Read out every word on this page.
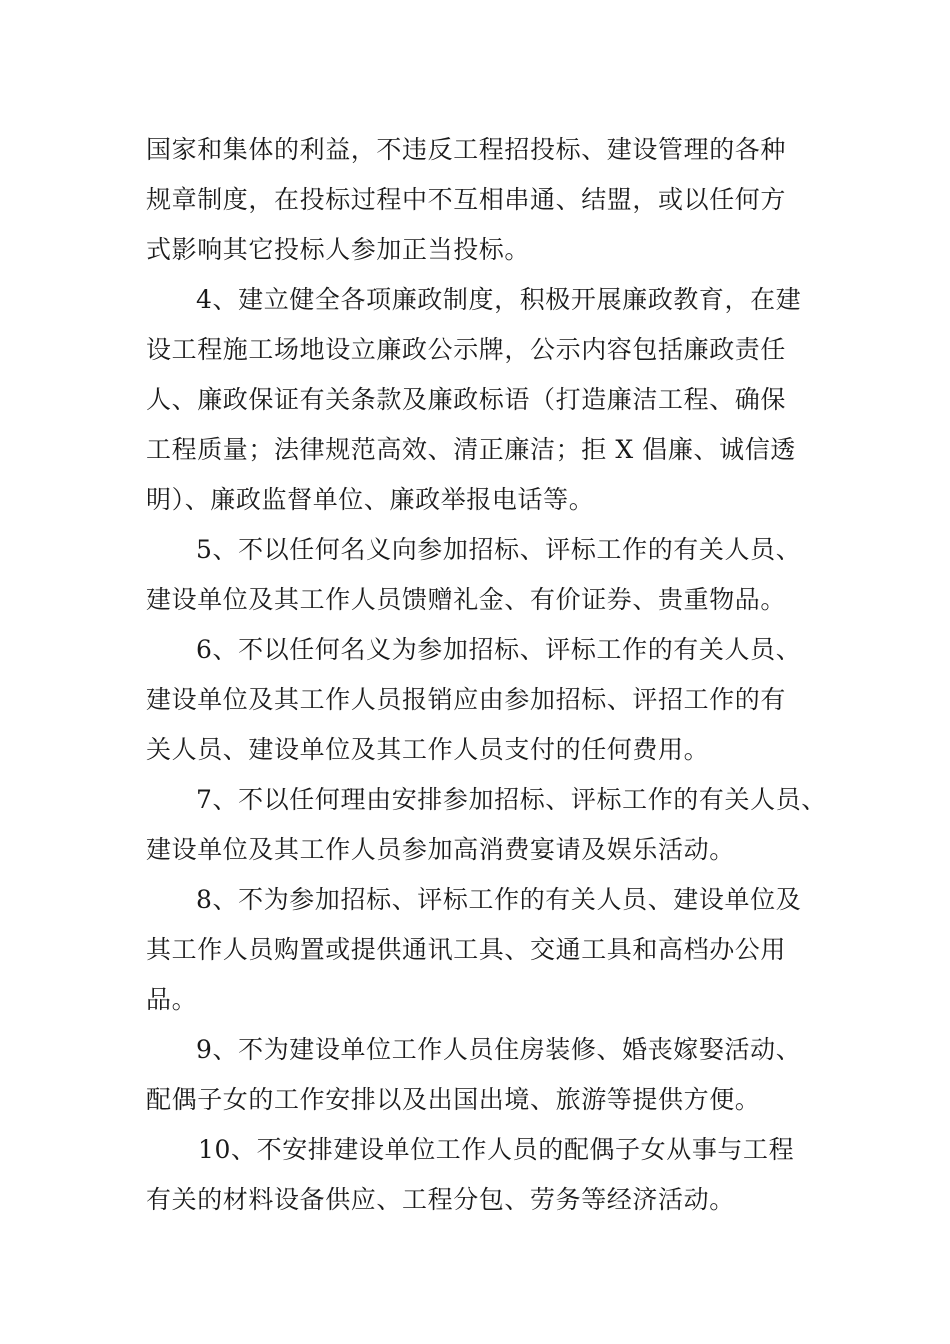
国家和集体的利益，不违反工程招投标、建设管理的各种
规章制度，在投标过程中不互相串通、结盟，或以任何方
式影响其它投标人参加正当投标。
4、建立健全各项廉政制度，积极开展廉政教育，在建
设工程施工场地设立廉政公示牌，公示内容包括廉政责任
人、廉政保证有关条款及廉政标语（打造廉洁工程、确保
工程质量；法律规范高效、清正廉洁；拒 X 倡廉、诚信透
明）、廉政监督单位、廉政举报电话等。
5、不以任何名义向参加招标、评标工作的有关人员、
建设单位及其工作人员馈赠礼金、有价证券、贵重物品。
6、不以任何名义为参加招标、评标工作的有关人员、
建设单位及其工作人员报销应由参加招标、评招工作的有
关人员、建设单位及其工作人员支付的任何费用。
7、不以任何理由安排参加招标、评标工作的有关人员、
建设单位及其工作人员参加高消费宴请及娱乐活动。
8、不为参加招标、评标工作的有关人员、建设单位及
其工作人员购置或提供通讯工具、交通工具和高档办公用
品。
9、不为建设单位工作人员住房装修、婚丧嫁娶活动、
配偶子女的工作安排以及出国出境、旅游等提供方便。
10、不安排建设单位工作人员的配偶子女从事与工程
有关的材料设备供应、工程分包、劳务等经济活动。
